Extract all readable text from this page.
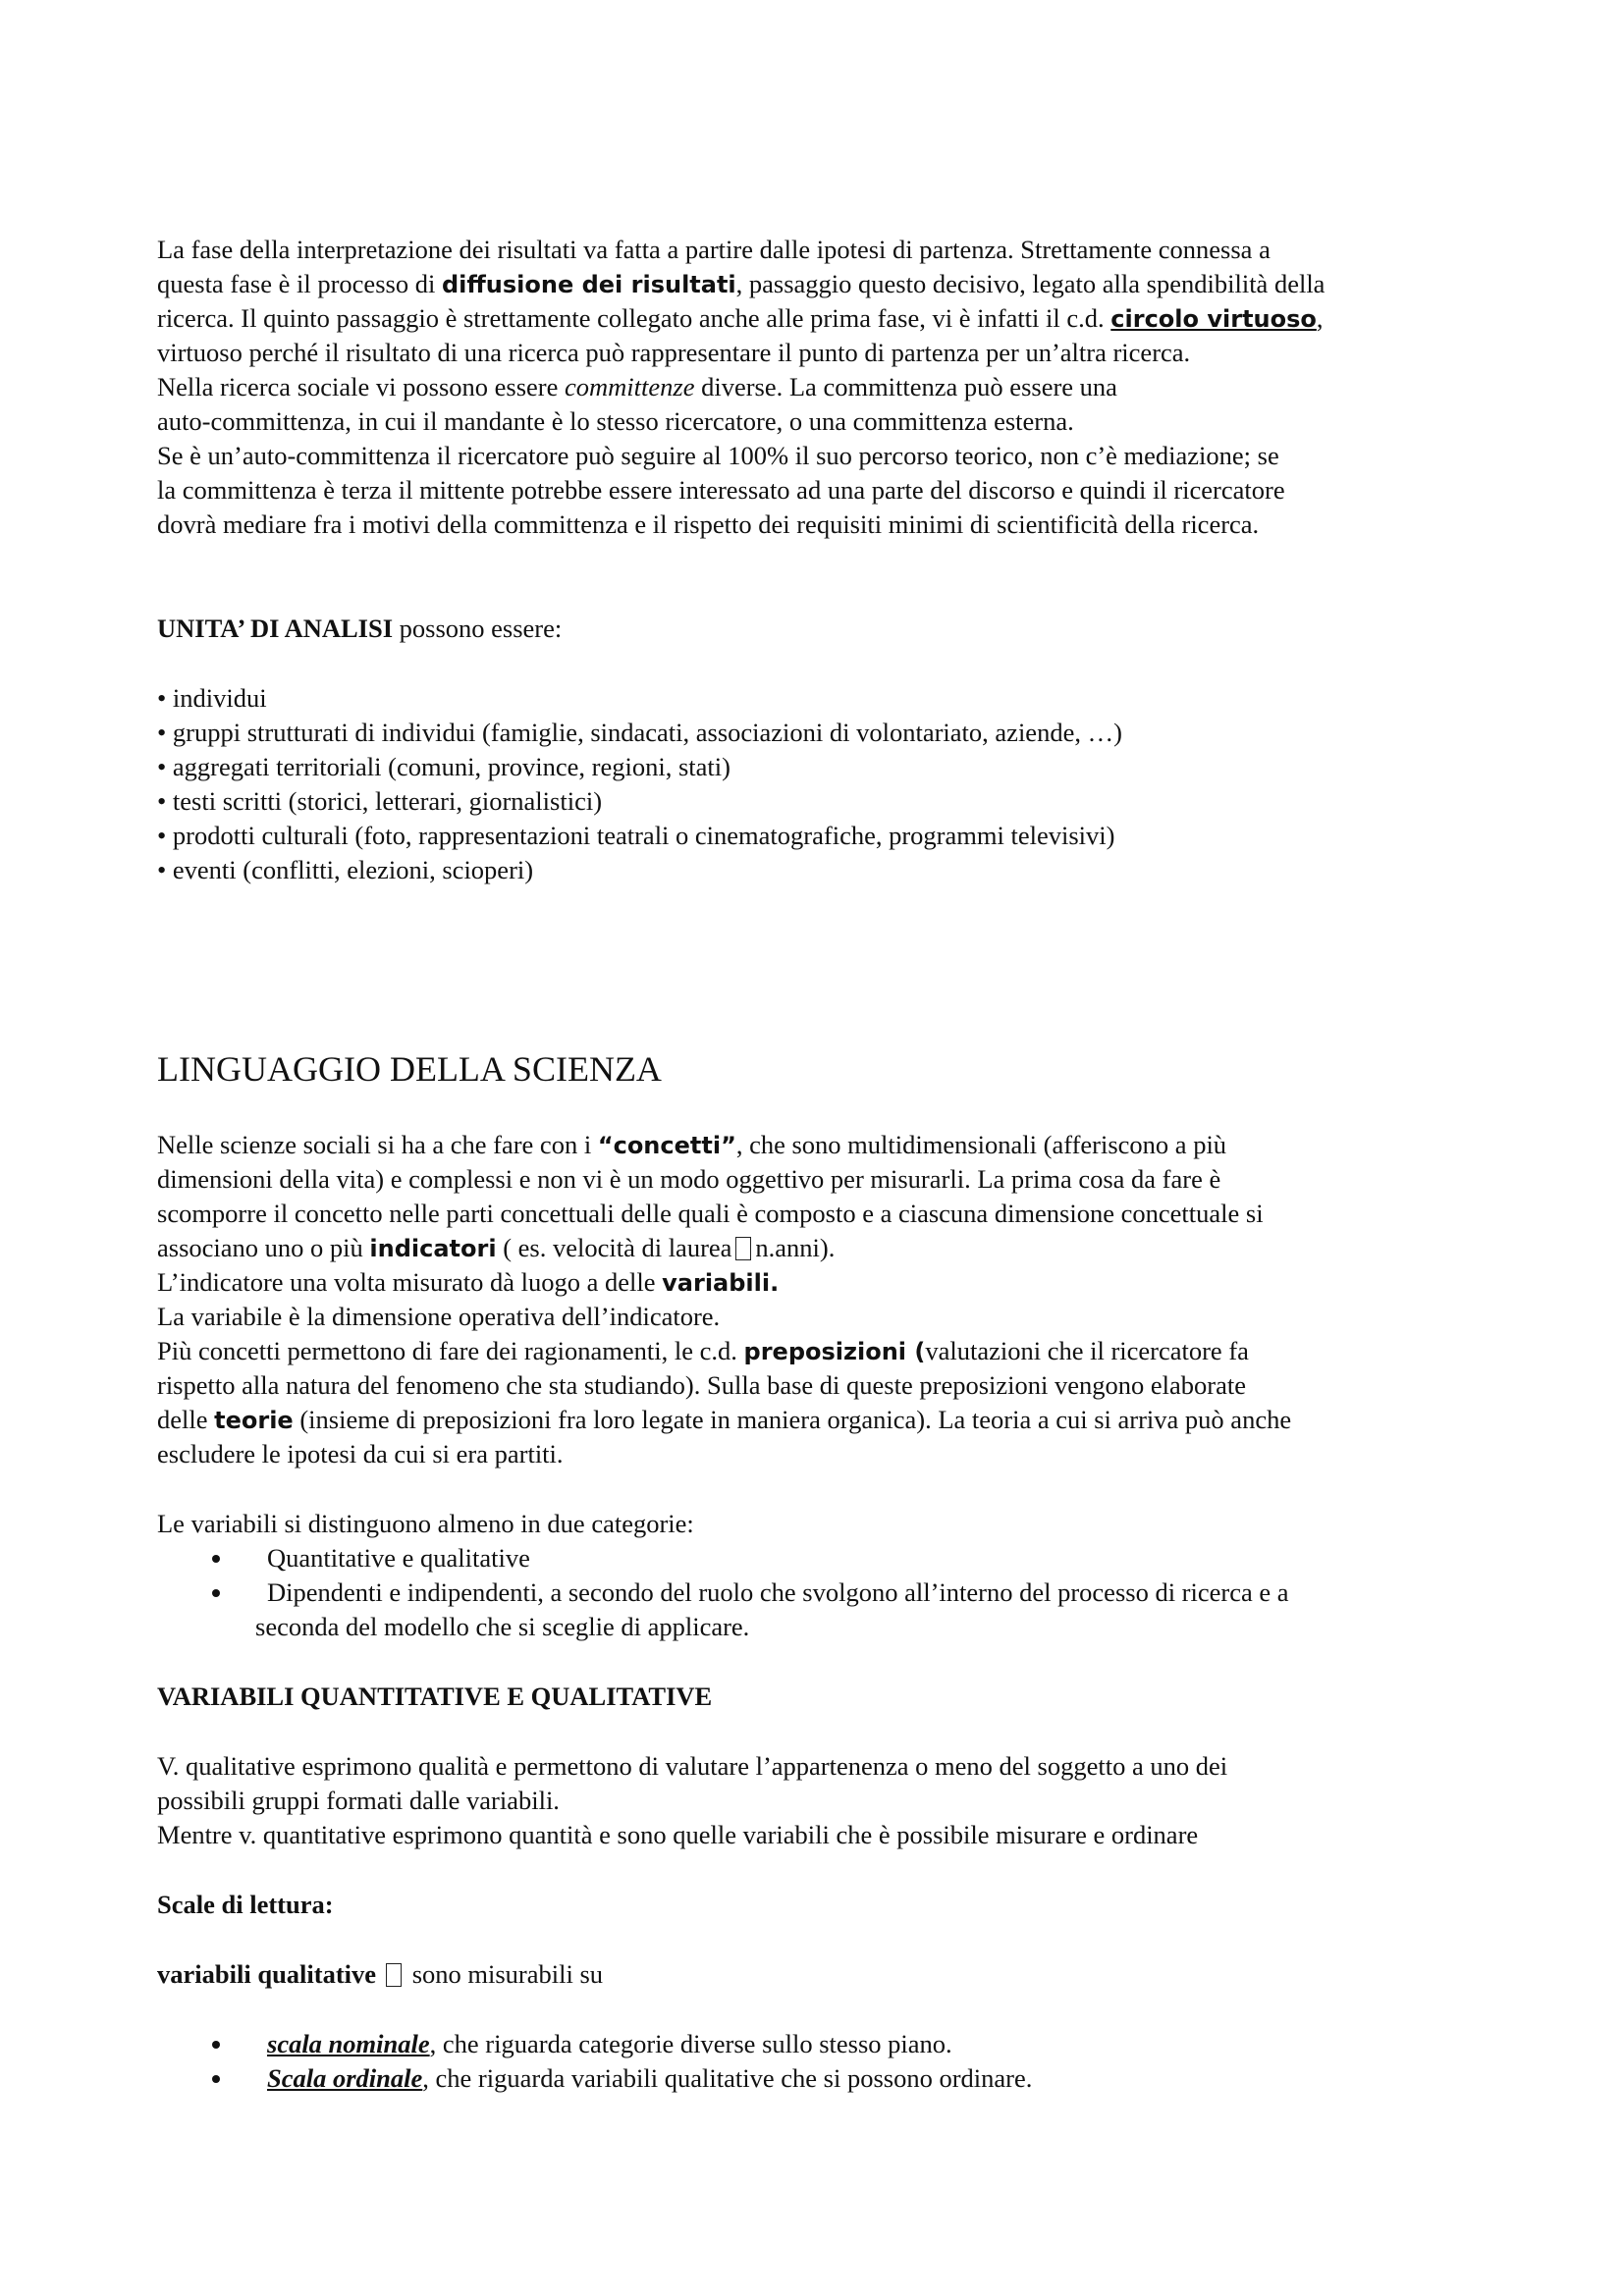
La fase della interpretazione dei risultati va fatta a partire dalle ipotesi di partenza. Strettamente connessa a
questa fase è il processo di diffusione dei risultati, passaggio questo decisivo, legato alla spendibilità della
ricerca. Il quinto passaggio è strettamente collegato anche alle prima fase, vi è infatti il c.d. circolo virtuoso,
virtuoso perché il risultato di una ricerca può rappresentare il punto di partenza per un’altra ricerca.
Nella ricerca sociale vi possono essere committenze diverse. La committenza può essere una
auto-committenza, in cui il mandante è lo stesso ricercatore, o una committenza esterna.
Se è un’auto-committenza il ricercatore può seguire al 100% il suo percorso teorico, non c’è mediazione; se
la committenza è terza il mittente potrebbe essere interessato ad una parte del discorso e quindi il ricercatore
dovrà mediare fra i motivi della committenza e il rispetto dei requisiti minimi di scientificità della ricerca.
UNITA’ DI ANALISI possono essere:
• individui
• gruppi strutturati di individui (famiglie, sindacati, associazioni di volontariato, aziende, …)
• aggregati territoriali (comuni, province, regioni, stati)
• testi scritti (storici, letterari, giornalistici)
• prodotti culturali (foto, rappresentazioni teatrali o cinematografiche, programmi televisivi)
• eventi (conflitti, elezioni, scioperi)
LINGUAGGIO DELLA SCIENZA
Nelle scienze sociali si ha a che fare con i “concetti”, che sono multidimensionali (afferiscono a più
dimensioni della vita) e complessi e non vi è un modo oggettivo per misurarli. La prima cosa da fare è
scomporre il concetto nelle parti concettuali delle quali è composto e a ciascuna dimensione concettuale si
associano uno o più indicatori ( es. velocità di laurea n.anni).
L’indicatore una volta misurato dà luogo a delle variabili.
La variabile è la dimensione operativa dell’indicatore.
Più concetti permettono di fare dei ragionamenti, le c.d. preposizioni (valutazioni che il ricercatore fa
rispetto alla natura del fenomeno che sta studiando). Sulla base di queste preposizioni vengono elaborate
delle teorie (insieme di preposizioni fra loro legate in maniera organica). La teoria a cui si arriva può anche
escludere le ipotesi da cui si era partiti.
Le variabili si distinguono almeno in due categorie:
Quantitative e qualitative
Dipendenti e indipendenti, a secondo del ruolo che svolgono all’interno del processo di ricerca e a
seconda del modello che si sceglie di applicare.
VARIABILI QUANTITATIVE E QUALITATIVE
V. qualitative esprimono qualità e permettono di valutare l’appartenenza o meno del soggetto a uno dei
possibili gruppi formati dalle variabili.
Mentre v. quantitative esprimono quantità e sono quelle variabili che è possibile misurare e ordinare
Scale di lettura:
variabili qualitative sono misurabili su
scala nominale, che riguarda categorie diverse sullo stesso piano.
Scala ordinale, che riguarda variabili qualitative che si possono ordinare.
